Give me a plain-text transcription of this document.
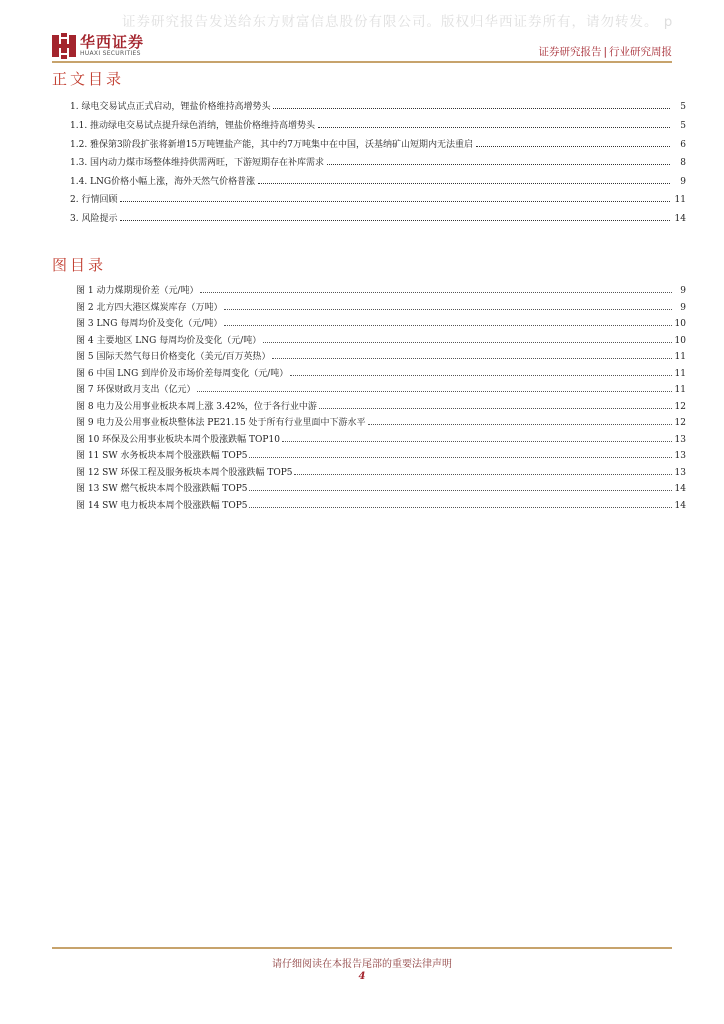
证券研究报告发送给东方财富信息股份有限公司。版权归华西证券所有，请勿转发。 p
华西证券
HUAXI SECURITIES	证券研究报告 | 行业研究周报
正文目录
1. 绿电交易试点正式启动，锂盐价格维持高增势头	5
1.1. 推动绿电交易试点提升绿色消纳，锂盐价格维持高增势头	5
1.2. 雅保第3阶段扩张将新增15万吨锂盐产能，其中约7万吨集中在中国，沃基纳矿山短期内无法重启	6
1.3. 国内动力煤市场整体维持供需两旺，下游短期存在补库需求	8
1.4. LNG价格小幅上涨，海外天然气价格普涨	9
2. 行情回顾	11
3. 风险提示	14
图目录
图 1 动力煤期现价差（元/吨）	9
图 2 北方四大港区煤炭库存（万吨）	9
图 3 LNG 每周均价及变化（元/吨）	10
图 4 主要地区 LNG 每周均价及变化（元/吨）	10
图 5 国际天然气每日价格变化（美元/百万英热）	11
图 6 中国 LNG 到岸价及市场价差每周变化（元/吨）	11
图 7 环保财政月支出（亿元）	11
图 8 电力及公用事业板块本周上涨 3.42%，位于各行业中游	12
图 9 电力及公用事业板块整体法 PE21.15 处于所有行业里面中下游水平	12
图 10 环保及公用事业板块本周个股涨跌幅 TOP10	13
图 11 SW 水务板块本周个股涨跌幅 TOP5	13
图 12 SW 环保工程及服务板块本周个股涨跌幅 TOP5	13
图 13 SW 燃气板块本周个股涨跌幅 TOP5	14
图 14 SW 电力板块本周个股涨跌幅 TOP5	14
请仔细阅读在本报告尾部的重要法律声明
4
